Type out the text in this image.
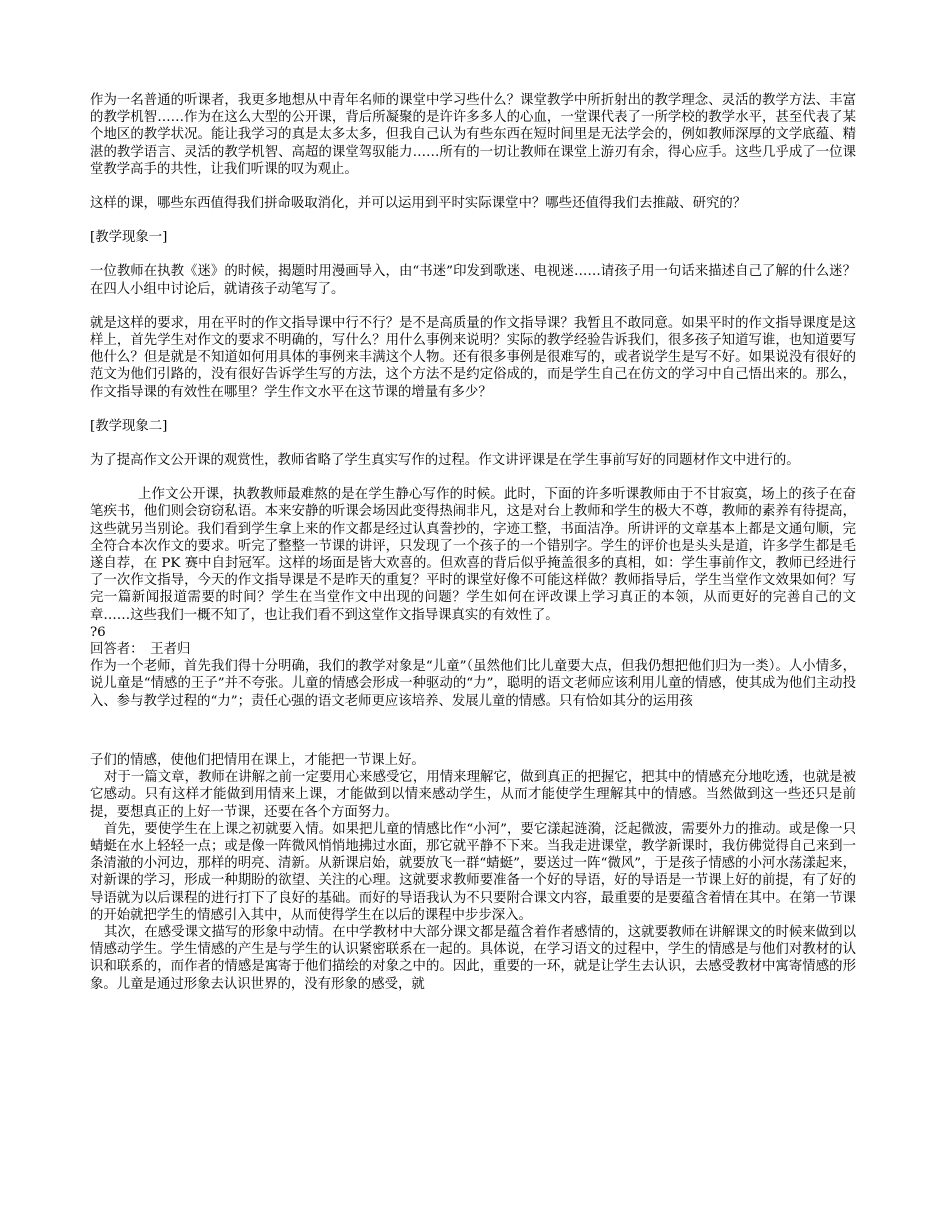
作为一名普通的听课者，我更多地想从中青年名师的课堂中学习些什么？课堂教学中所折射出的教学理念、灵活的教学方法、丰富的教学机智……作为在这么大型的公开课，背后所凝聚的是许许多多人的心血，一堂课代表了一所学校的教学水平，甚至代表了某个地区的教学状况。能让我学习的真是太多太多，但我自己认为有些东西在短时间里是无法学会的，例如教师深厚的文学底蕴、精湛的教学语言、灵活的教学机智、高超的课堂驾驭能力……所有的一切让教师在课堂上游刃有余，得心应手。这些几乎成了一位课堂教学高手的共性，让我们听课的叹为观止。

这样的课，哪些东西值得我们拼命吸取消化，并可以运用到平时实际课堂中？哪些还值得我们去推敲、研究的？

[教学现象一]

一位教师在执教《迷》的时候，揭题时用漫画导入，由“书迷”印发到歌迷、电视迷……请孩子用一句话来描述自己了解的什么迷？在四人小组中讨论后，就请孩子动笔写了。

就是这样的要求，用在平时的作文指导课中行不行？是不是高质量的作文指导课？我暂且不敢同意。如果平时的作文指导课度是这样上，首先学生对作文的要求不明确的，写什么？用什么事例来说明？实际的教学经验告诉我们，很多孩子知道写谁，也知道要写他什么？但是就是不知道如何用具体的事例来丰满这个人物。还有很多事例是很难写的，或者说学生是写不好。如果说没有很好的范文为他们引路的，没有很好告诉学生写的方法，这个方法不是约定俗成的，而是学生自己在仿文的学习中自己悟出来的。那么，作文指导课的有效性在哪里？学生作文水平在这节课的增量有多少？

[教学现象二]

为了提高作文公开课的观赏性，教师省略了学生真实写作的过程。作文讲评课是在学生事前写好的同题材作文中进行的。

上作文公开课，执教教师最难熬的是在学生静心写作的时候。此时，下面的许多听课教师由于不甘寂寞，场上的孩子在奋笔疾书，他们则会窃窃私语。本来安静的听课会场因此变得热闹非凡，这是对台上教师和学生的极大不尊，教师的素养有待提高，这些就另当别论。我们看到学生拿上来的作文都是经过认真誊抄的，字迹工整，书面洁净。所讲评的文章基本上都是文通句顺，完全符合本次作文的要求。听完了整整一节课的讲评，只发现了一个孩子的一个错别字。学生的评价也是头头是道，许多学生都是毛遂自荐，在 PK 赛中自封冠军。这样的场面是皆大欢喜的。但欢喜的背后似乎掩盖很多的真相，如：学生事前作文，教师已经进行了一次作文指导，今天的作文指导课是不是昨天的重复？平时的课堂好像不可能这样做？教师指导后，学生当堂作文效果如何？写完一篇新闻报道需要的时间？学生在当堂作文中出现的问题？学生如何在评改课上学习真正的本领，从而更好的完善自己的文章……这些我们一概不知了，也让我们看不到这堂作文指导课真实的有效性了。

?6

回答者：　王者归

作为一个老师，首先我们得十分明确，我们的教学对象是“儿童”（虽然他们比儿童要大点，但我仍想把他们归为一类）。人小情多，说儿童是“情感的王子”并不夸张。儿童的情感会形成一种驱动的“力”，聪明的语文老师应该利用儿童的情感，使其成为他们主动投入、参与教学过程的“力”；责任心强的语文老师更应该培养、发展儿童的情感。只有恰如其分的运用孩

子们的情感，使他们把情用在课上，才能把一节课上好。

对于一篇文章，教师在讲解之前一定要用心来感受它，用情来理解它，做到真正的把握它，把其中的情感充分地吃透，也就是被它感动。只有这样才能做到用情来上课，才能做到以情来感动学生，从而才能使学生理解其中的情感。当然做到这一些还只是前提，要想真正的上好一节课，还要在各个方面努力。

首先，要使学生在上课之初就要入情。如果把儿童的情感比作“小河”，要它漾起涟漪，泛起微波，需要外力的推动。或是像一只蜻蜓在水上轻轻一点；或是像一阵微风悄悄地拂过水面，那它就平静不下来。当我走进课堂，教学新课时，我仿佛觉得自己来到一条清澈的小河边，那样的明亮、清新。从新课启始，就要放飞一群“蜻蜓”，要送过一阵“微风”，于是孩子情感的小河水荡漾起来，对新课的学习，形成一种期盼的欲望、关注的心理。这就要求教师要准备一个好的导语，好的导语是一节课上好的前提，有了好的导语就为以后课程的进行打下了良好的基础。而好的导语我认为不只要附合课文内容，最重要的是要蕴含着情在其中。在第一节课的开始就把学生的情感引入其中，从而使得学生在以后的课程中步步深入。

其次，在感受课文描写的形象中动情。在中学教材中大部分课文都是蕴含着作者感情的，这就要教师在讲解课文的时候来做到以情感动学生。学生情感的产生是与学生的认识紧密联系在一起的。具体说，在学习语文的过程中，学生的情感是与他们对教材的认识和联系的，而作者的情感是寓寄于他们描绘的对象之中的。因此，重要的一环，就是让学生去认识，去感受教材中寓寄情感的形象。儿童是通过形象去认识世界的，没有形象的感受，就
